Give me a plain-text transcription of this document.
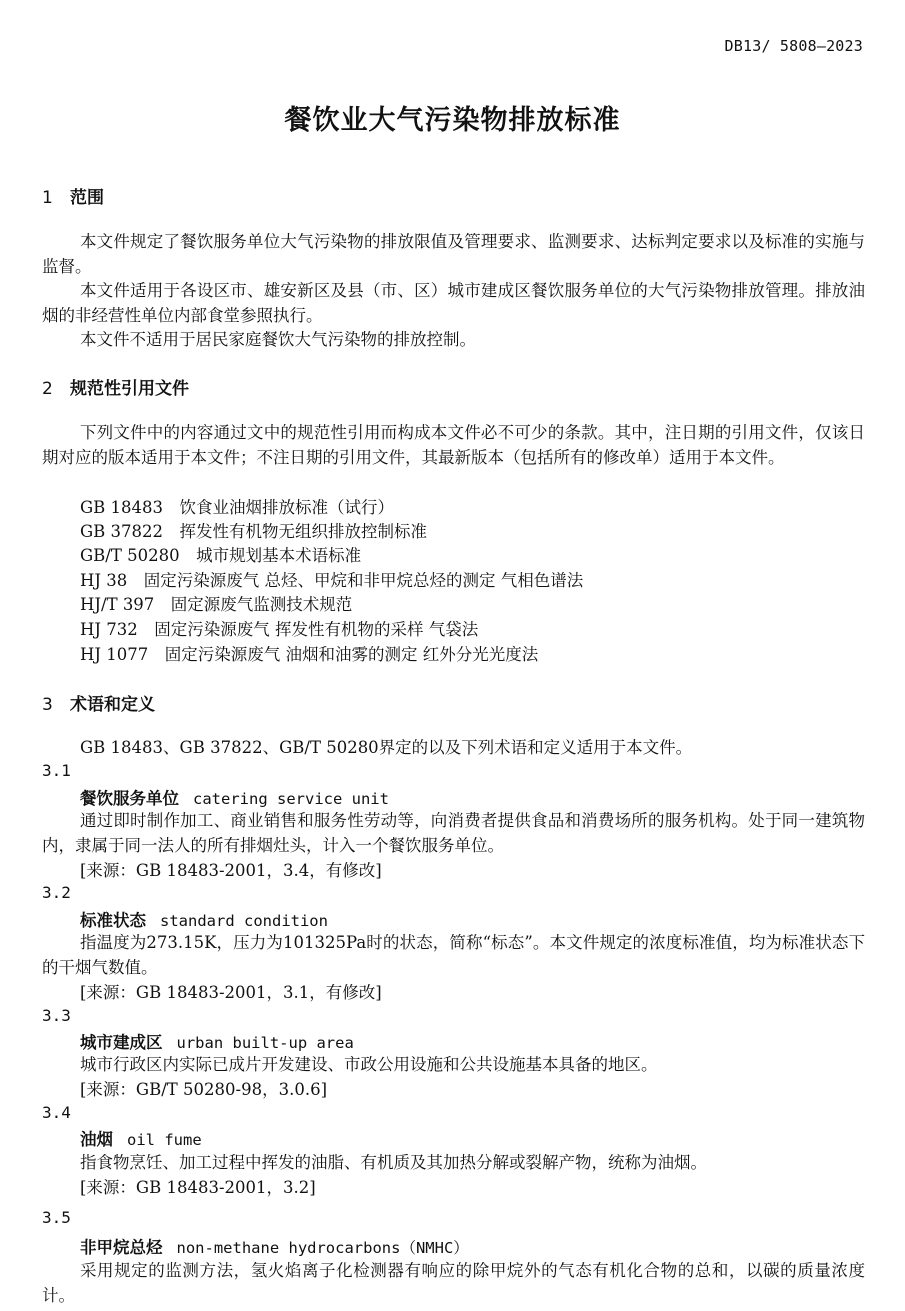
DB13/ 5808—2023
餐饮业大气污染物排放标准
1 范围

本文件规定了餐饮服务单位大气污染物的排放限值及管理要求、监测要求、达标判定要求以及标准的实施与监督。

本文件适用于各设区市、雄安新区及县（市、区）城市建成区餐饮服务单位的大气污染物排放管理。排放油烟的非经营性单位内部食堂参照执行。

本文件不适用于居民家庭餐饮大气污染物的排放控制。

2 规范性引用文件

下列文件中的内容通过文中的规范性引用而构成本文件必不可少的条款。其中，注日期的引用文件，仅该日期对应的版本适用于本文件；不注日期的引用文件，其最新版本（包括所有的修改单）适用于本文件。

GB 18483　饮食业油烟排放标准（试行）
GB 37822　挥发性有机物无组织排放控制标准
GB/T 50280　城市规划基本术语标准
HJ 38　固定污染源废气 总烃、甲烷和非甲烷总烃的测定 气相色谱法
HJ/T 397　固定源废气监测技术规范
HJ 732　固定污染源废气 挥发性有机物的采样 气袋法
HJ 1077　固定污染源废气 油烟和油雾的测定 红外分光光度法
3 术语和定义
GB 18483、GB 37822、GB/T 50280界定的以及下列术语和定义适用于本文件。
3.1
餐饮服务单位 catering service unit

通过即时制作加工、商业销售和服务性劳动等，向消费者提供食品和消费场所的服务机构。处于同一建筑物内，隶属于同一法人的所有排烟灶头，计入一个餐饮服务单位。

[来源：GB 18483-2001，3.4，有修改]
3.2
标准状态 standard condition

指温度为273.15K，压力为101325Pa时的状态，简称“标态”。本文件规定的浓度标准值，均为标准状态下的干烟气数值。

[来源：GB 18483-2001，3.1，有修改]
3.3
城市建成区 urban built-up area

城市行政区内实际已成片开发建设、市政公用设施和公共设施基本具备的地区。

[来源：GB/T 50280-98，3.0.6]
3.4
油烟 oil fume

指食物烹饪、加工过程中挥发的油脂、有机质及其加热分解或裂解产物，统称为油烟。

[来源：GB 18483-2001，3.2]
3.5
非甲烷总烃 non-methane hydrocarbons（NMHC）

采用规定的监测方法，氢火焰离子化检测器有响应的除甲烷外的气态有机化合物的总和，以碳的质量浓度计。
